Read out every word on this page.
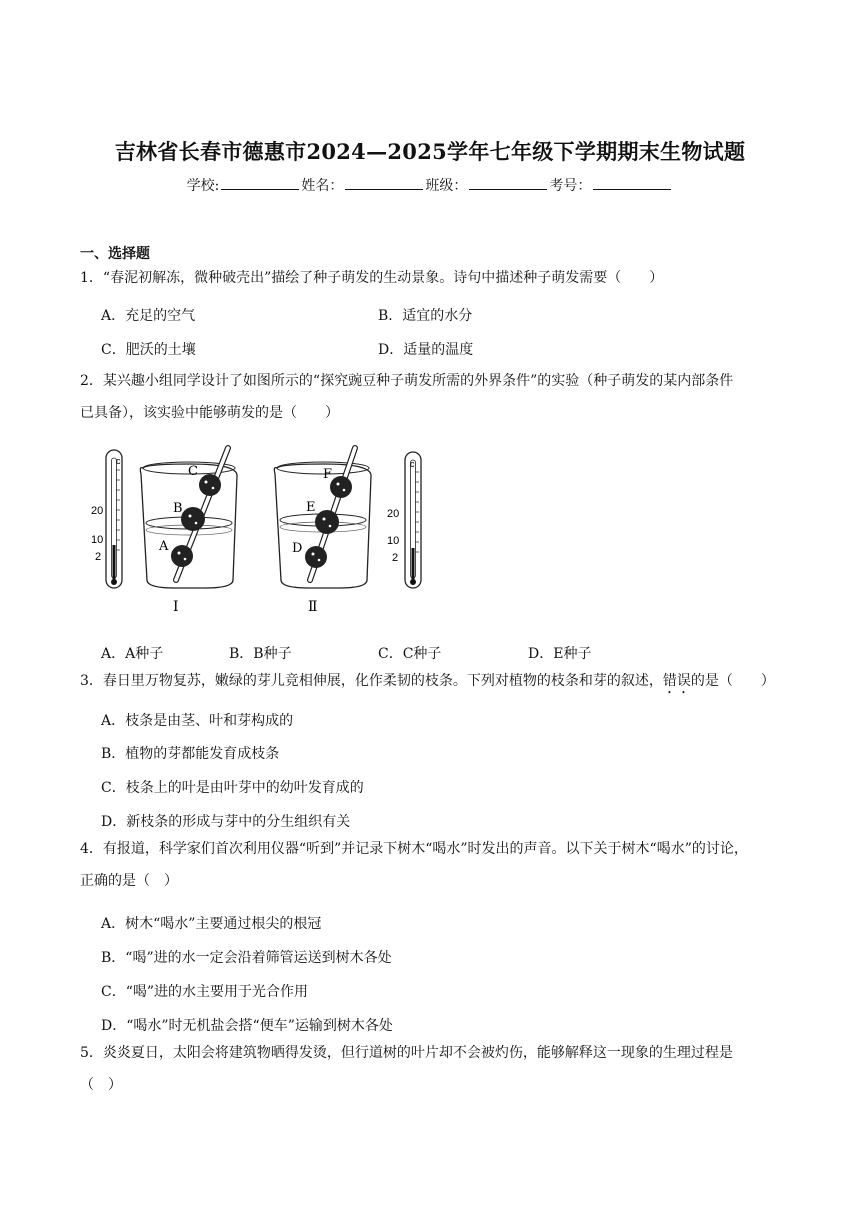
吉林省长春市德惠市2024—2025学年七年级下学期期末生物试题
学校:	姓名：	班级：	考号：
一、选择题
1．“春泥初解冻，微种破壳出”描绘了种子萌发的生动景象。诗句中描述种子萌发需要（　　）
A．充足的空气	B．适宜的水分
C．肥沃的土壤	D．适量的温度
2．某兴趣小组同学设计了如图所示的“探究豌豆种子萌发所需的外界条件”的实验（种子萌发的某内部条件
已具备），该实验中能够萌发的是（　　）
c
20
10
2
C
B
A
Ⅰ
F
E
D
Ⅱ
c
20
10
2
A．A种子	B．B种子	C．C种子	D．E种子
3．春日里万物复苏，嫩绿的芽儿竞相伸展，化作柔韧的枝条。下列对植物的枝条和芽的叙述，错误的是（　　）
A．枝条是由茎、叶和芽构成的
B．植物的芽都能发育成枝条
C．枝条上的叶是由叶芽中的幼叶发育成的
D．新枝条的形成与芽中的分生组织有关
4．有报道，科学家们首次利用仪器“听到”并记录下树木“喝水”时发出的声音。以下关于树木“喝水”的讨论，
正确的是（　）
A．树木“喝水”主要通过根尖的根冠
B．“喝”进的水一定会沿着筛管运送到树木各处
C．“喝”进的水主要用于光合作用
D．“喝水”时无机盐会搭“便车”运输到树木各处
5．炎炎夏日，太阳会将建筑物晒得发烫，但行道树的叶片却不会被灼伤，能够解释这一现象的生理过程是
（　）
